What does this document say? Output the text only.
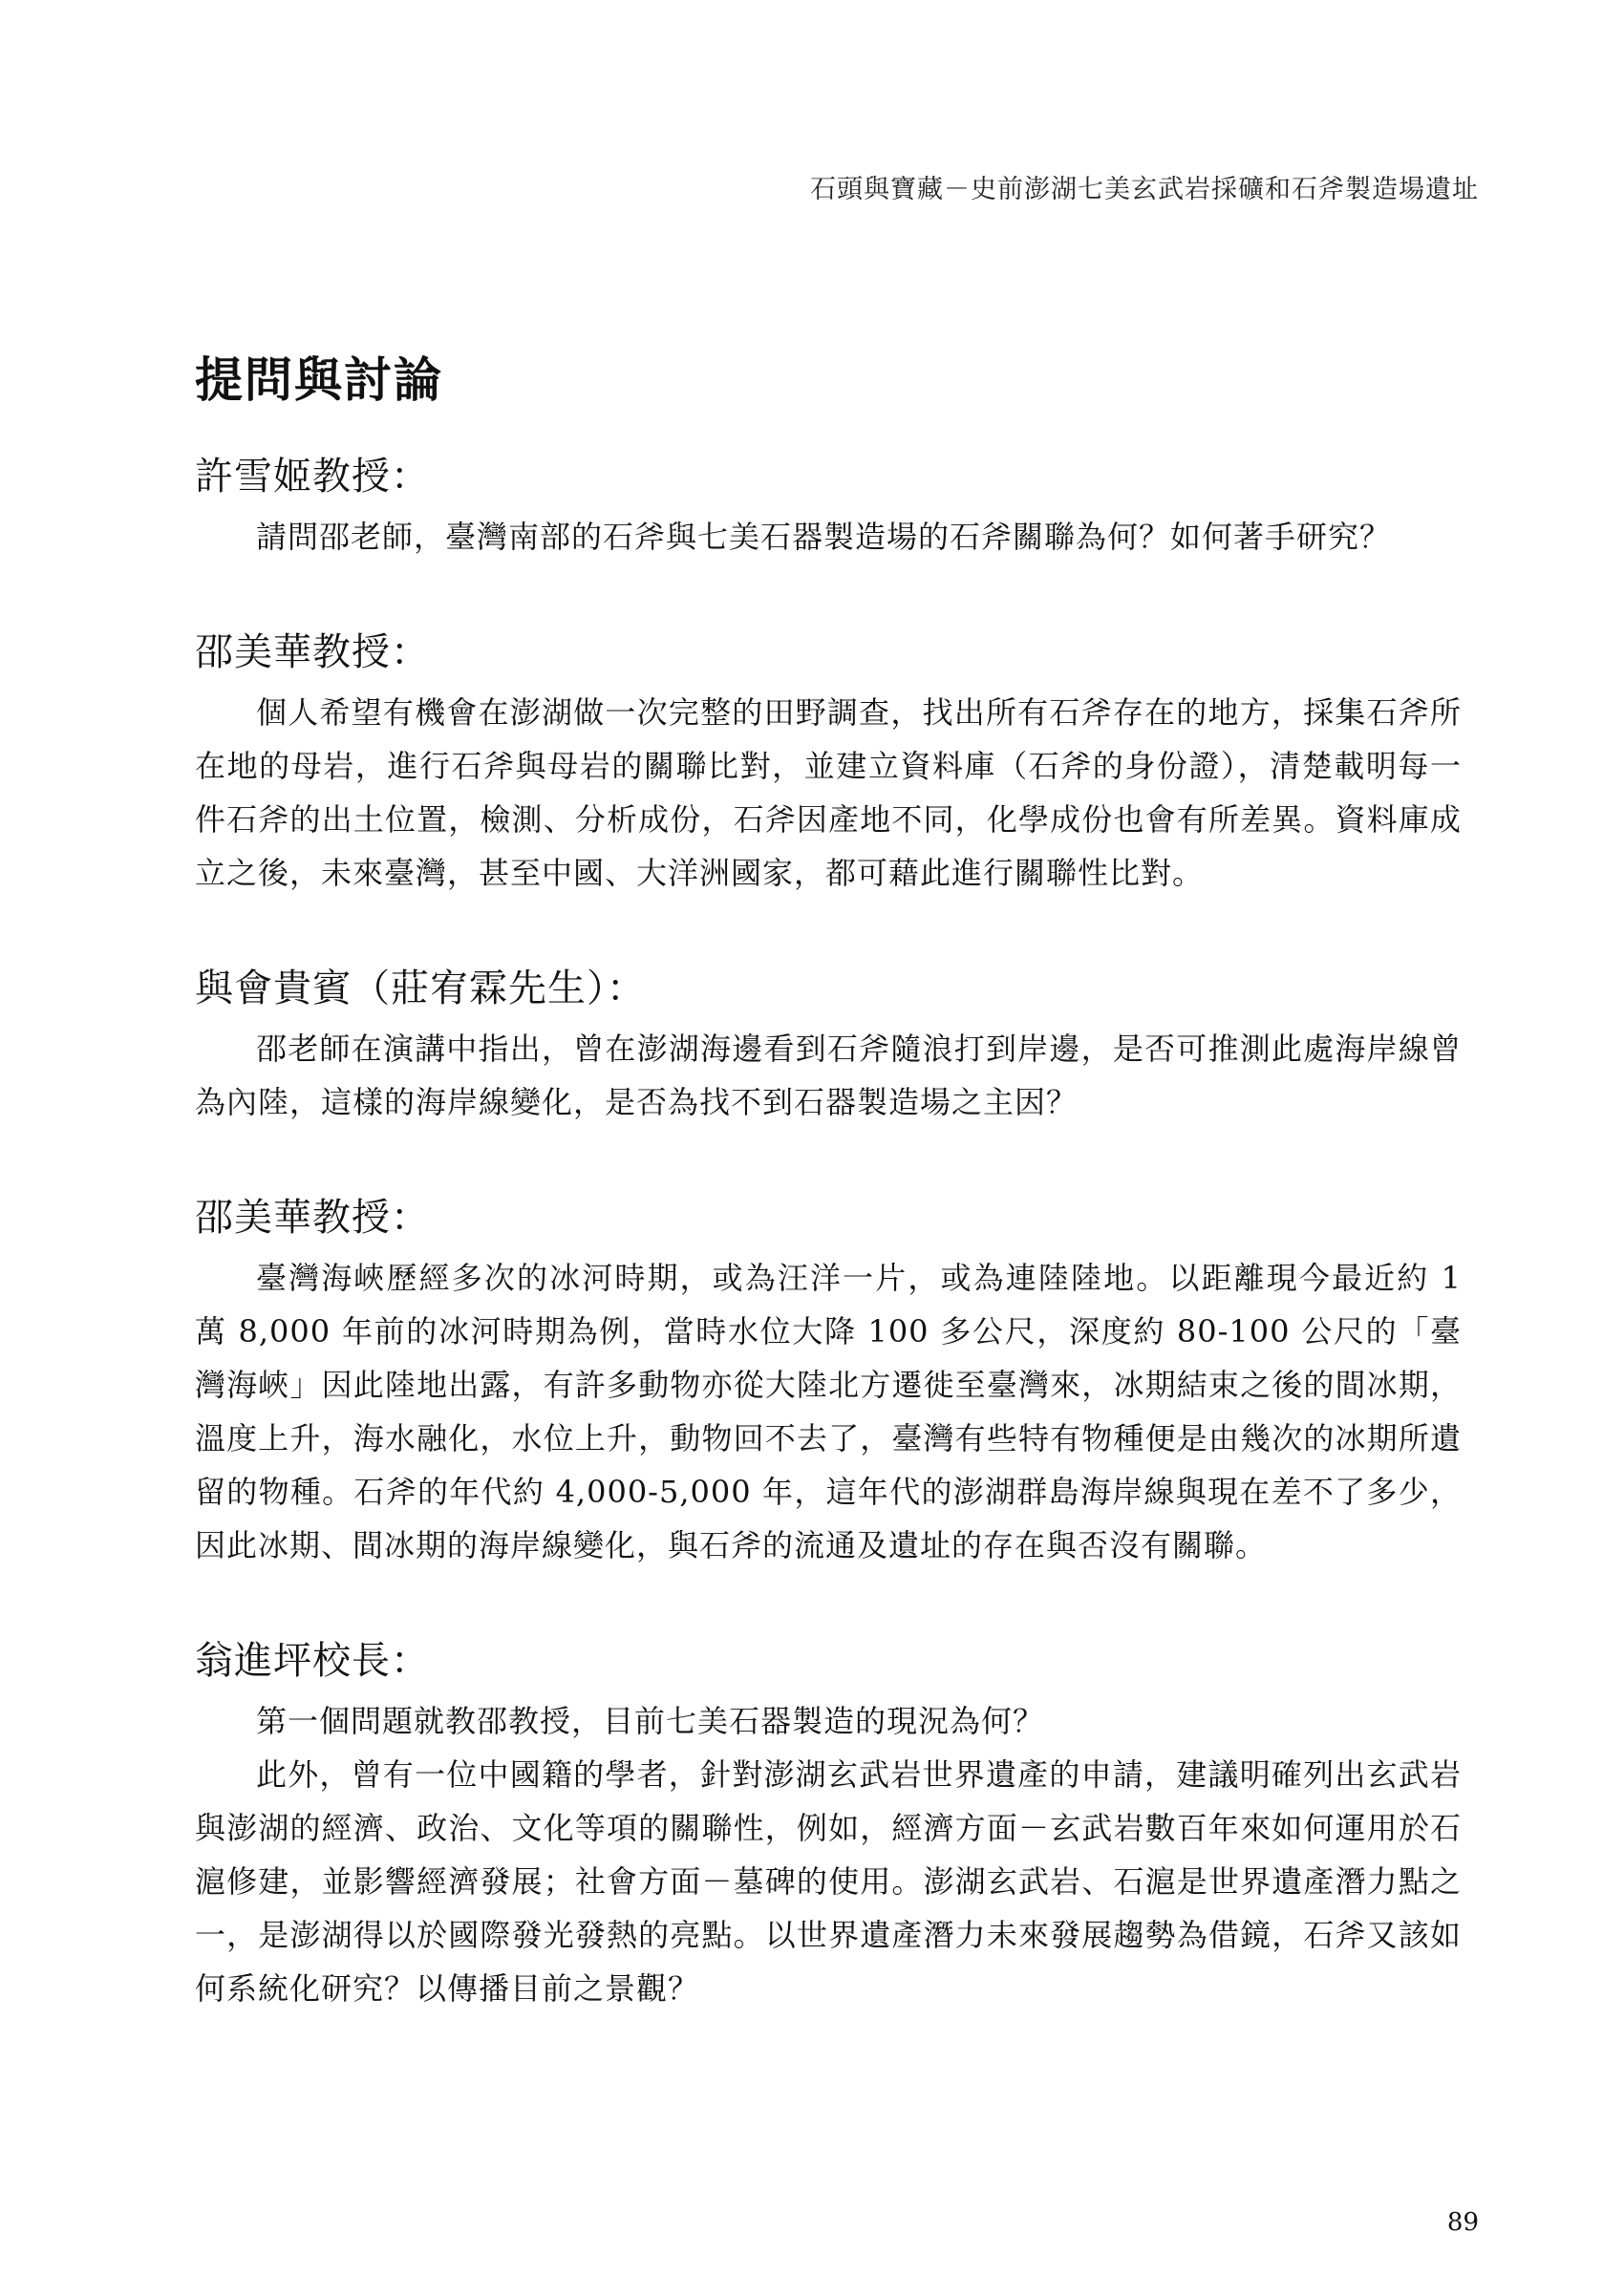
石頭與寶藏－史前澎湖七美玄武岩採礦和石斧製造場遺址
提問與討論
許雪姬教授：

請問邵老師，臺灣南部的石斧與七美石器製造場的石斧關聯為何？如何著手研究？

邵美華教授：

個人希望有機會在澎湖做一次完整的田野調查，找出所有石斧存在的地方，採集石斧所在地的母岩，進行石斧與母岩的關聯比對，並建立資料庫（石斧的身份證），清楚載明每一件石斧的出土位置，檢測、分析成份，石斧因產地不同，化學成份也會有所差異。資料庫成立之後，未來臺灣，甚至中國、大洋洲國家，都可藉此進行關聯性比對。

與會貴賓（莊宥霖先生）：

邵老師在演講中指出，曾在澎湖海邊看到石斧隨浪打到岸邊，是否可推測此處海岸線曾為內陸，這樣的海岸線變化，是否為找不到石器製造場之主因？

邵美華教授：

臺灣海峽歷經多次的冰河時期，或為汪洋一片，或為連陸陸地。以距離現今最近約 1 萬 8,000 年前的冰河時期為例，當時水位大降 100 多公尺，深度約 80-100 公尺的「臺灣海峽」因此陸地出露，有許多動物亦從大陸北方遷徙至臺灣來，冰期結束之後的間冰期，溫度上升，海水融化，水位上升，動物回不去了，臺灣有些特有物種便是由幾次的冰期所遺留的物種。石斧的年代約 4,000-5,000 年，這年代的澎湖群島海岸線與現在差不了多少，因此冰期、間冰期的海岸線變化，與石斧的流通及遺址的存在與否沒有關聯。

翁進坪校長：

第一個問題就教邵教授，目前七美石器製造的現況為何？

此外，曾有一位中國籍的學者，針對澎湖玄武岩世界遺產的申請，建議明確列出玄武岩與澎湖的經濟、政治、文化等項的關聯性，例如，經濟方面－玄武岩數百年來如何運用於石滬修建，並影響經濟發展；社會方面－墓碑的使用。澎湖玄武岩、石滬是世界遺產潛力點之一，是澎湖得以於國際發光發熱的亮點。以世界遺產潛力未來發展趨勢為借鏡，石斧又該如何系統化研究？以傳播目前之景觀？

89
